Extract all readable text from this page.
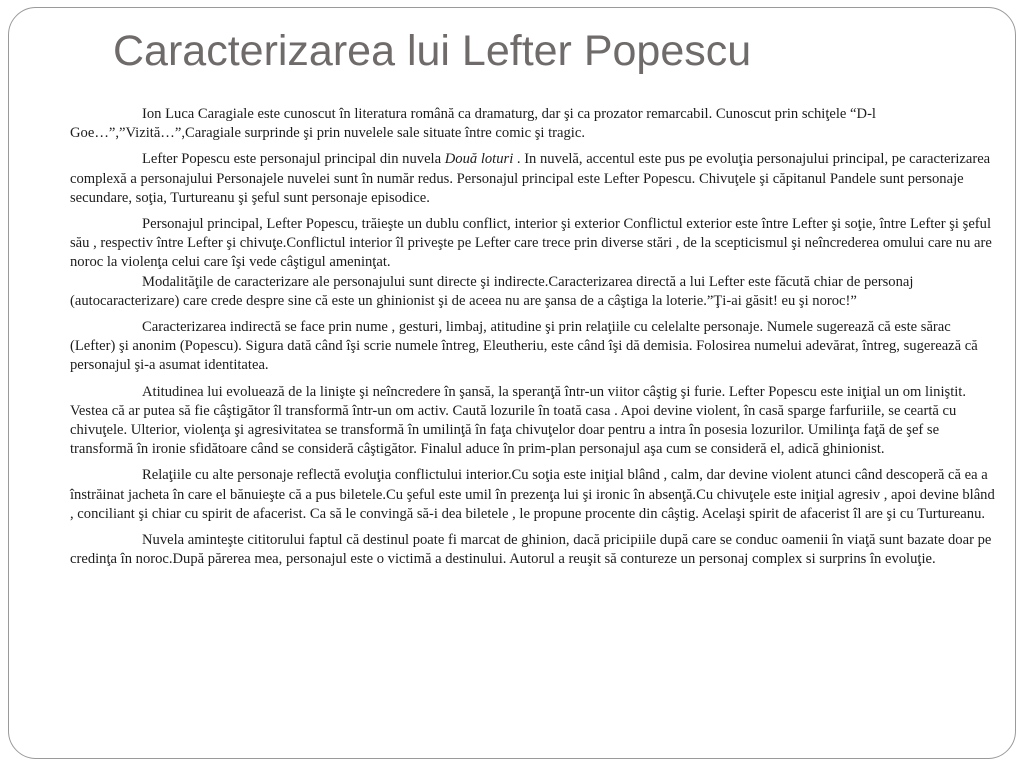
Caracterizarea lui Lefter Popescu

Ion Luca Caragiale este cunoscut în literatura română ca dramaturg, dar şi ca prozator remarcabil. Cunoscut prin schiţele “D-l Goe…”,”Vizită…”,Caragiale surprinde şi prin nuvelele sale situate între comic şi tragic.

Lefter Popescu este personajul principal din nuvela Două loturi . In nuvelă, accentul este pus pe evoluţia personajului principal, pe caracterizarea complexă a personajului Personajele nuvelei sunt în număr redus. Personajul principal este Lefter Popescu. Chivuţele şi căpitanul Pandele sunt personaje secundare, soţia, Turtureanu şi şeful sunt personaje episodice.

Personajul principal, Lefter Popescu, trăieşte un dublu conflict, interior şi exterior Conflictul exterior este între Lefter şi soţie, între Lefter şi şeful său , respectiv între Lefter şi chivuţe.Conflictul interior îl priveşte pe Lefter care trece prin diverse stări , de la scepticismul şi neîncrederea omului care nu are noroc la violenţa celui care îşi vede câştigul ameninţat.

Modalităţile de caracterizare ale personajului sunt directe şi indirecte.Caracterizarea directă a lui Lefter este făcută chiar de personaj (autocaracterizare) care crede despre sine că este un ghinionist şi de aceea nu are şansa de a câştiga la loterie.”Ţi-ai găsit! eu şi noroc!”

Caracterizarea indirectă se face prin nume , gesturi, limbaj, atitudine şi prin relaţiile cu celelalte personaje. Numele sugerează că este sărac (Lefter) şi anonim (Popescu). Sigura dată când îşi scrie numele întreg, Eleutheriu, este când îşi dă demisia. Folosirea numelui adevărat, întreg, sugerează că personajul şi-a asumat identitatea.

Atitudinea lui evoluează de la linişte şi neîncredere în şansă, la speranţă într-un viitor câştig şi furie. Lefter Popescu este iniţial un om liniştit. Vestea că ar putea să fie câştigător îl transformă într-un om activ. Caută lozurile în toată casa . Apoi devine violent, în casă sparge farfuriile, se ceartă cu chivuţele. Ulterior, violenţa şi agresivitatea se transformă în umilinţă în faţa chivuţelor doar pentru a intra în posesia lozurilor. Umilinţa faţă de şef se transformă în ironie sfidătoare când se consideră câştigător. Finalul aduce în prim-plan personajul aşa cum se consideră el, adică ghinionist.

Relaţiile cu alte personaje reflectă evoluţia conflictului interior.Cu soţia este iniţial blând , calm, dar devine violent atunci când descoperă că ea a înstrăinat jacheta în care el bănuieşte că a pus biletele.Cu şeful este umil în prezenţa lui şi ironic în absenţă.Cu chivuţele este iniţial agresiv , apoi devine blând , conciliant şi chiar cu spirit de afacerist. Ca să le convingă să-i dea biletele , le propune procente din câştig. Acelaşi spirit de afacerist îl are şi cu Turtureanu.

Nuvela aminteşte cititorului faptul că destinul poate fi marcat de ghinion, dacă pricipiile după care se conduc oamenii în viaţă sunt bazate doar pe credinţa în noroc.După părerea mea, personajul este o victimă a destinului. Autorul a reuşit să contureze un personaj complex si surprins în evoluţie.
